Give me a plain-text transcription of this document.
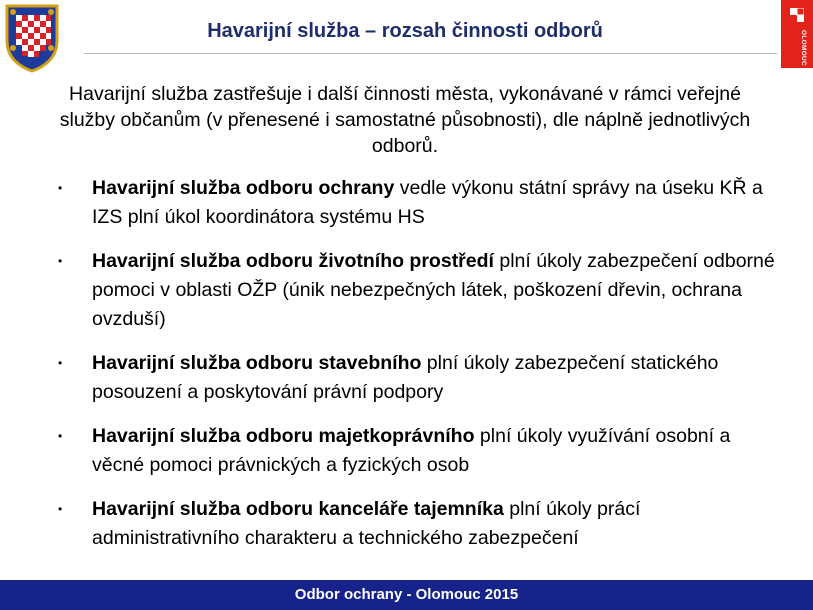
OLOMOUC
Havarijní služba – rozsah činnosti odborů
Havarijní služba zastřešuje i další činnosti města, vykonávané v rámci veřejné služby občanům (v přenesené i samostatné působnosti), dle náplně jednotlivých odborů.
• Havarijní služba odboru ochrany vedle výkonu státní správy na úseku KŘ a IZS plní úkol koordinátora systému HS
• Havarijní služba odboru životního prostředí plní úkoly zabezpečení odborné pomoci v oblasti OŽP (únik nebezpečných látek, poškození dřevin, ochrana ovzduší)
• Havarijní služba odboru stavebního plní úkoly zabezpečení statického posouzení a poskytování právní podpory
• Havarijní služba odboru majetkoprávního plní úkoly využívání osobní a věcné pomoci právnických a fyzických osob
• Havarijní služba odboru kanceláře tajemníka plní úkoly prácí administrativního charakteru a technického zabezpečení
Odbor ochrany - Olomouc 2015
